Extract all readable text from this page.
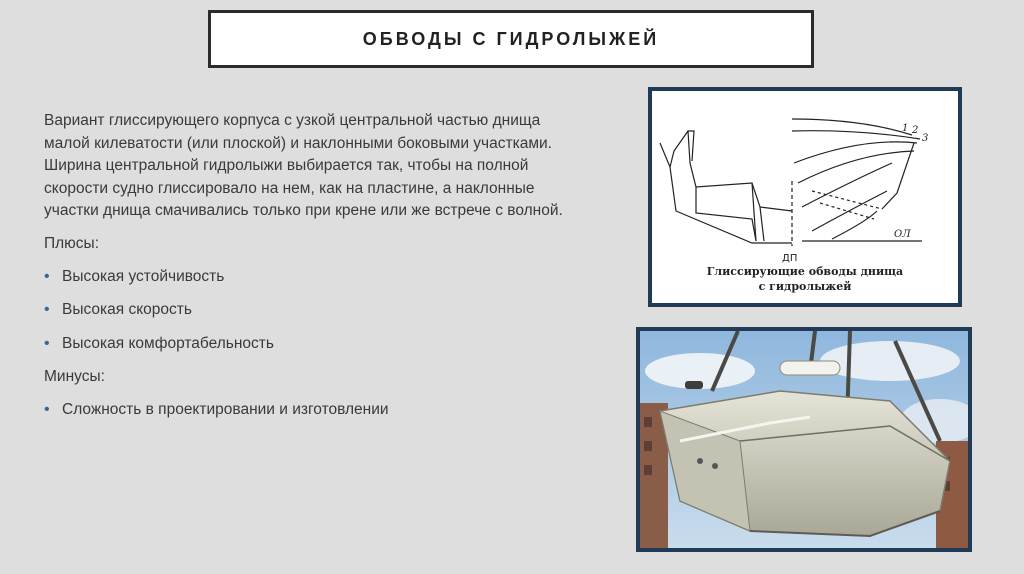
ОБВОДЫ С ГИДРОЛЫЖЕЙ

Вариант глиссирующего корпуса с узкой центральной частью днища малой килеватости (или плоской) и наклонными боковыми участками. Ширина центральной гидролыжи выбирается так, чтобы на полной скорости судно глиссировало на нем, как на пластине, а наклонные участки днища смачивались только при крене или же встрече с волной.

Плюсы:

• Высокая устойчивость
• Высокая скорость
• Высокая комфортабельность

Минусы:

• Сложность в проектировании и изготовлении
ДП
ОЛ
1 2
3
Глиссирующие обводы днища
с гидролыжей
